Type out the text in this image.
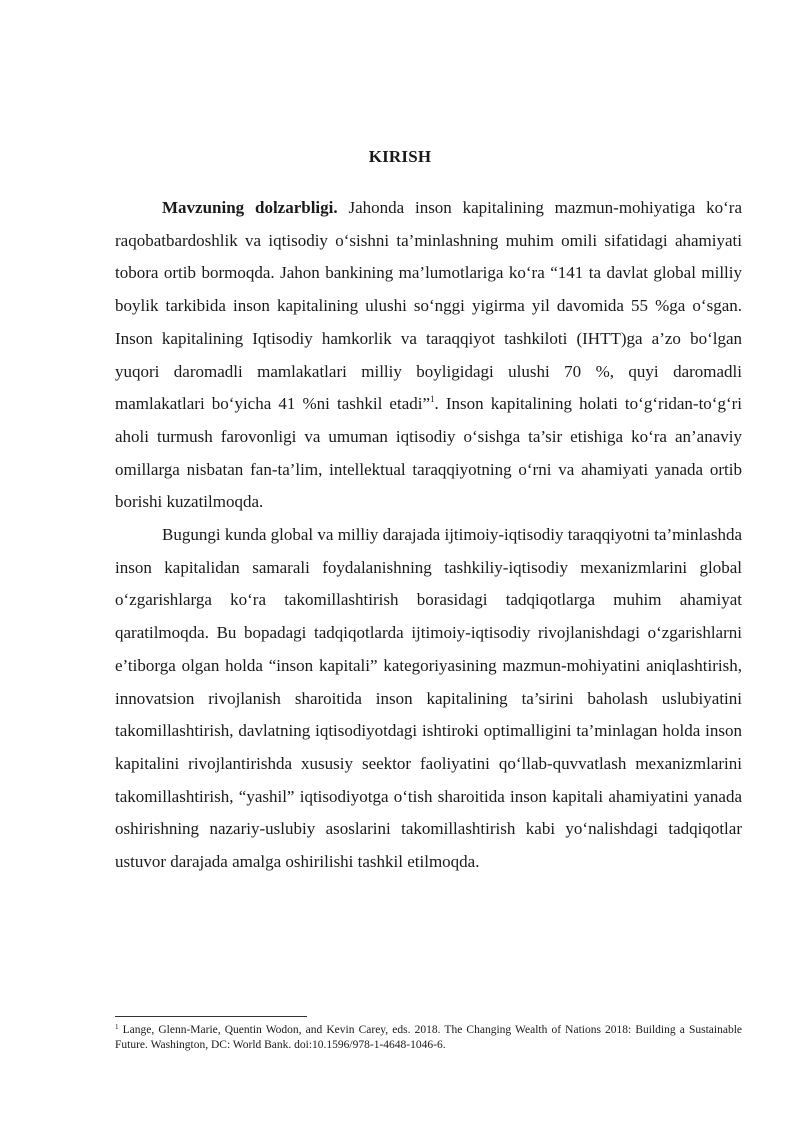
KIRISH

Mavzuning dolzarbligi. Jahonda inson kapitalining mazmun-mohiyatiga ko‘ra raqobatbardoshlik va iqtisodiy o‘sishni ta’minlashning muhim omili sifatidagi ahamiyati tobora ortib bormoqda. Jahon bankining ma’lumotlariga ko‘ra “141 ta davlat global milliy boylik tarkibida inson kapitalining ulushi so‘nggi yigirma yil davomida 55 %ga o‘sgan. Inson kapitalining Iqtisodiy hamkorlik va taraqqiyot tashkiloti (IHTT)ga a’zo bo‘lgan yuqori daromadli mamlakatlari milliy boyligidagi ulushi 70 %, quyi daromadli mamlakatlari bo‘yicha 41 %ni tashkil etadi”$^1$. Inson kapitalining holati to‘g‘ridan-to‘g‘ri aholi turmush farovonligi va umuman iqtisodiy o‘sishga ta’sir etishiga ko‘ra an’anaviy omillarga nisbatan fan-ta’lim, intellektual taraqqiyotning o‘rni va ahamiyati yanada ortib borishi kuzatilmoqda.

Bugungi kunda global va milliy darajada ijtimoiy-iqtisodiy taraqqiyotni ta’minlashda inson kapitalidan samarali foydalanishning tashkiliy-iqtisodiy mexanizmlarini global o‘zgarishlarga ko‘ra takomillashtirish borasidagi tadqiqotlarga muhim ahamiyat qaratilmoqda. Bu bopadagi tadqiqotlarda ijtimoiy-iqtisodiy rivojlanishdagi o‘zgarishlarni e’tiborga olgan holda “inson kapitali” kategoriyasining mazmun-mohiyatini aniqlashtirish, innovatsion rivojlanish sharoitida inson kapitalining ta’sirini baholash uslubiyatini takomillashtirish, davlatning iqtisodiyotdagi ishtiroki optimalligini ta’minlagan holda inson kapitalini rivojlantirishda xususiy seektor faoliyatini qo‘llab-quvvatlash mexanizmlarini takomillashtirish, “yashil” iqtisodiyotga o‘tish sharoitida inson kapitali ahamiyatini yanada oshirishning nazariy-uslubiy asoslarini takomillashtirish kabi yo‘nalishdagi tadqiqotlar ustuvor darajada amalga oshirilishi tashkil etilmoqda.

$^1$ Lange, Glenn-Marie, Quentin Wodon, and Kevin Carey, eds. 2018. The Changing Wealth of Nations 2018: Building a Sustainable Future. Washington, DC: World Bank. doi:10.1596/978-1-4648-1046-6.
